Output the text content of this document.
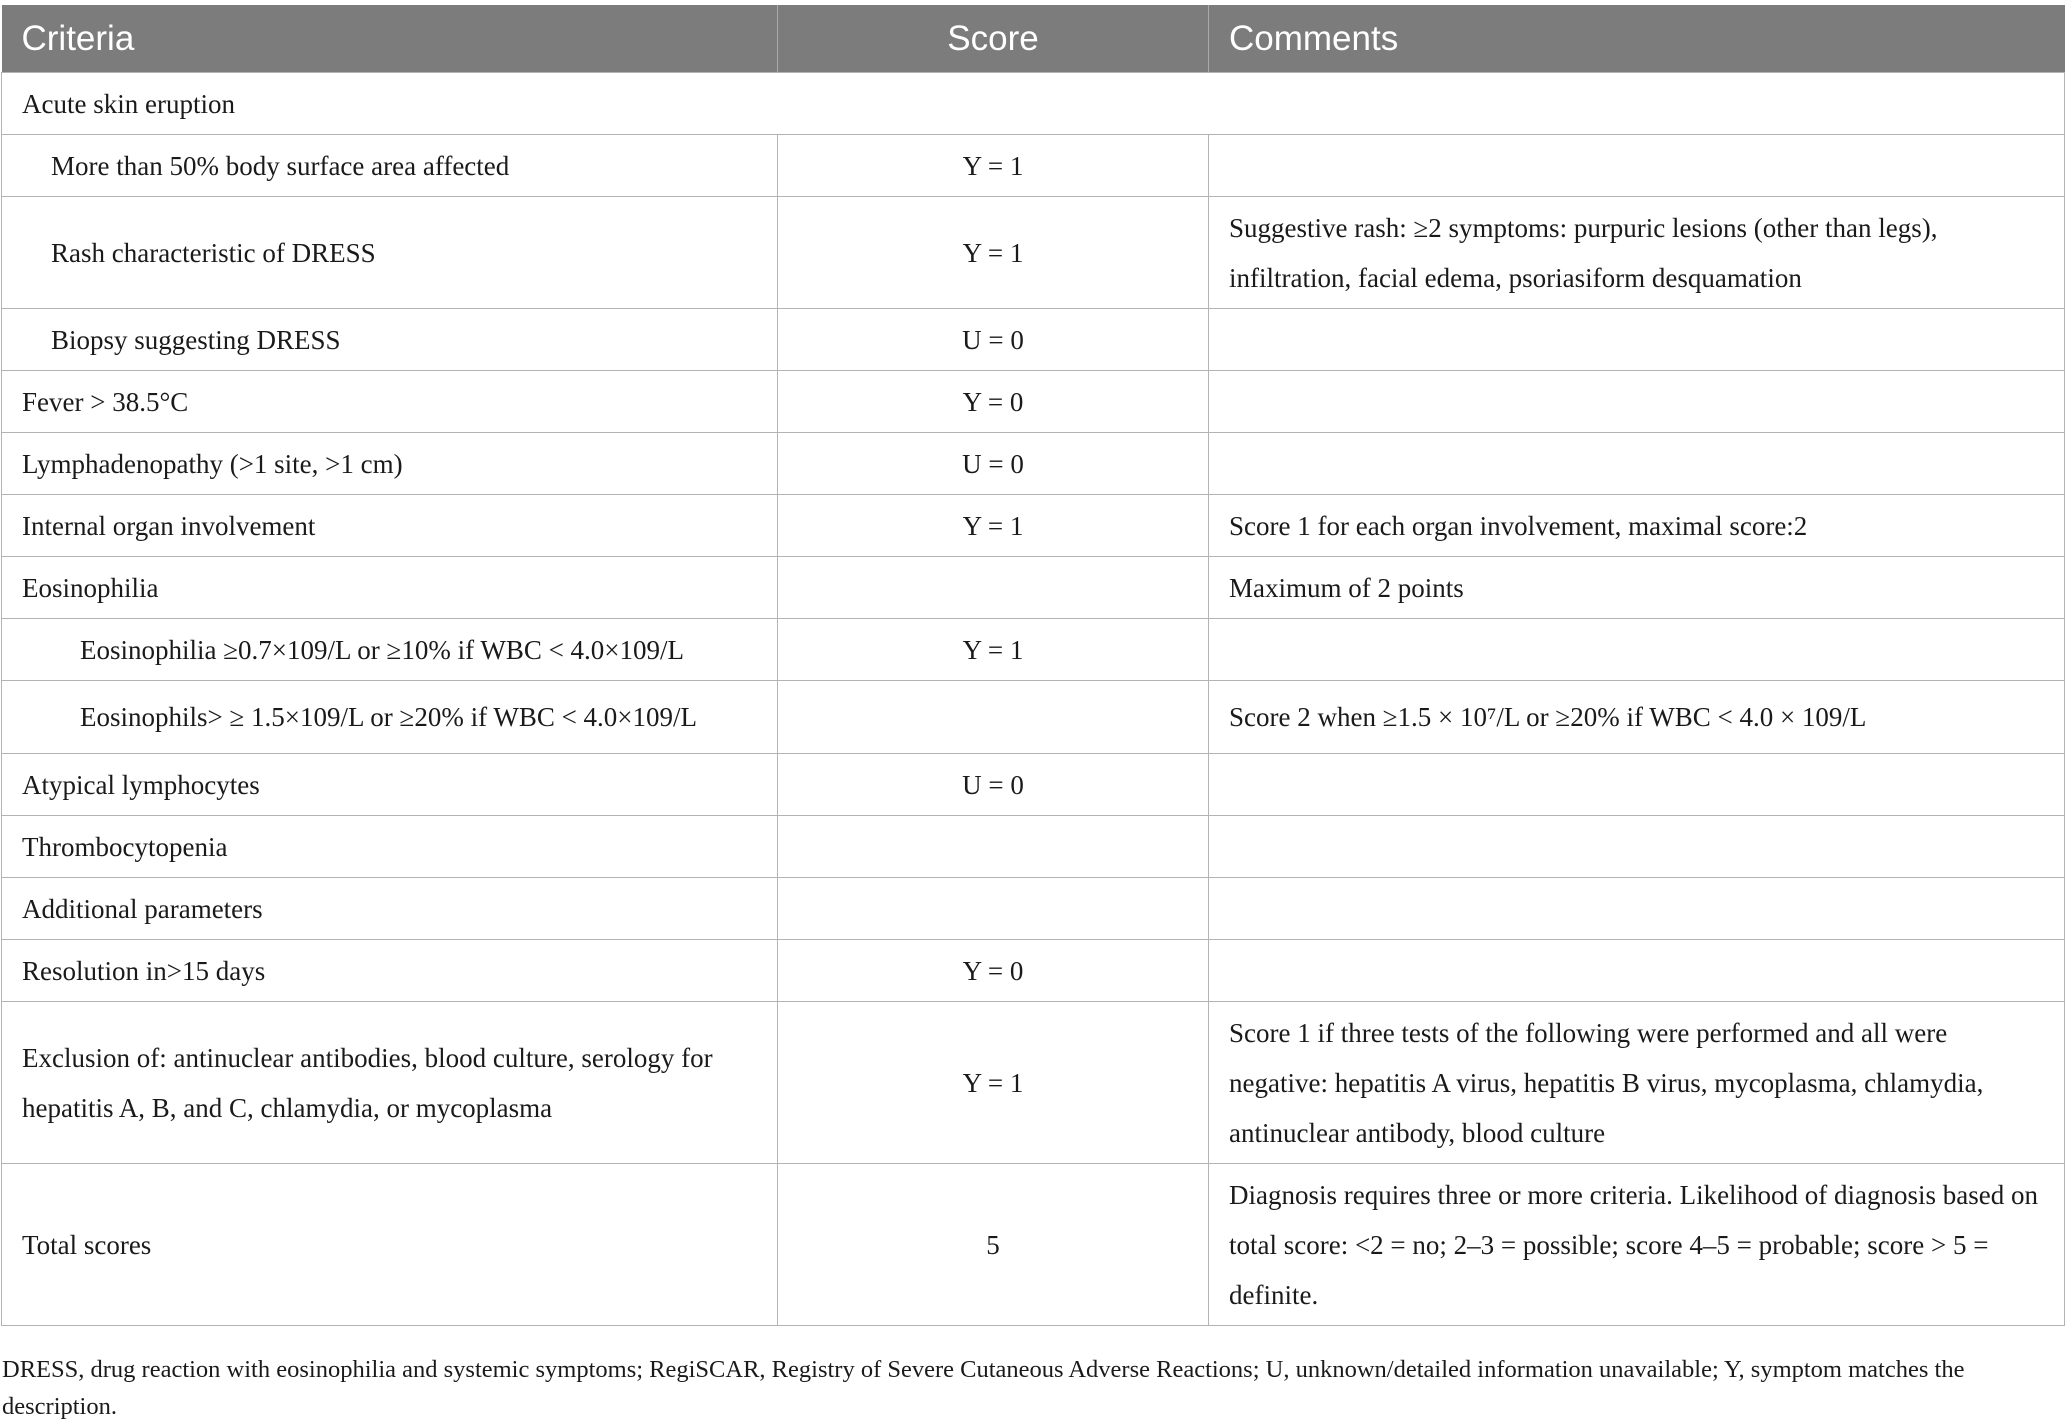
Criteria	Score	Comments
Acute skin eruption		
More than 50% body surface area affected	Y = 1	
Rash characteristic of DRESS	Y = 1	Suggestive rash: ≥2 symptoms: purpuric lesions (other than legs), infiltration, facial edema, psoriasiform desquamation
Biopsy suggesting DRESS	U = 0	
Fever > 38.5°C	Y = 0	
Lymphadenopathy (>1 site, >1 cm)	U = 0	
Internal organ involvement	Y = 1	Score 1 for each organ involvement, maximal score:2
Eosinophilia		Maximum of 2 points
Eosinophilia ≥0.7×109/L or ≥10% if WBC < 4.0×109/L	Y = 1	
Eosinophils> ≥ 1.5×109/L or ≥20% if WBC < 4.0×109/L		Score 2 when ≥1.5 × 10⁷/L or ≥20% if WBC < 4.0 × 109/L
Atypical lymphocytes	U = 0	
Thrombocytopenia		
Additional parameters		
Resolution in>15 days	Y = 0	
Exclusion of: antinuclear antibodies, blood culture, serology for hepatitis A, B, and C, chlamydia, or mycoplasma	Y = 1	Score 1 if three tests of the following were performed and all were negative: hepatitis A virus, hepatitis B virus, mycoplasma, chlamydia, antinuclear antibody, blood culture
Total scores	5	Diagnosis requires three or more criteria. Likelihood of diagnosis based on total score: <2 = no; 2–3 = possible; score 4–5 = probable; score > 5 = definite.

DRESS, drug reaction with eosinophilia and systemic symptoms; RegiSCAR, Registry of Severe Cutaneous Adverse Reactions; U, unknown/detailed information unavailable; Y, symptom matches the description.
